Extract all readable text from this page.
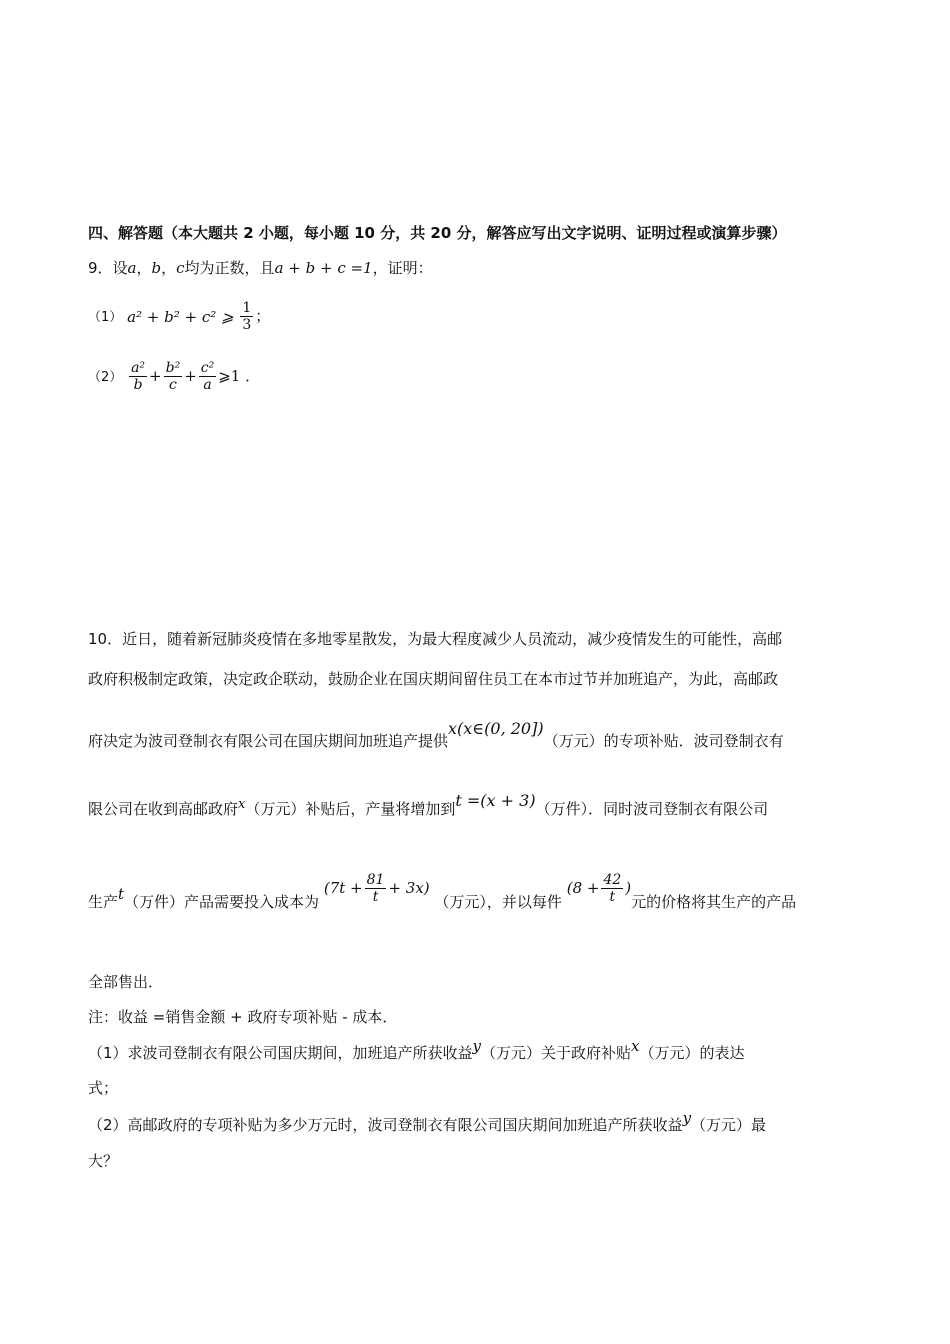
四、解答题（本大题共 2 小题，每小题 10 分，共 20 分，解答应写出文字说明、证明过程或演算步骤）
9．设a，b，c均为正数，且a + b + c =1，证明：
（1） a² + b² + c² ⩾ $\frac{1}{3}$ ；
$(2) \frac{\text{a²}}{b} + \frac{\text{b²}}{c} + \frac{\text{c²}}{a}$ ⩾1 ．
10．近日，随着新冠肺炎疫情在多地零星散发，为最大程度减少人员流动，减少疫情发生的可能性，高邮
政府积极制定政策，决定政企联动，鼓励企业在国庆期间留住员工在本市过节并加班追产，为此，高邮政
府决定为波司登制衣有限公司在国庆期间加班追产提供x(x∈(0, 20])（万元）的专项补贴．波司登制衣有
限公司在收到高邮政府x（万元）补贴后，产量将增加到t =(x + 3)（万件）．同时波司登制衣有限公司
生产t（万件）产品需要投入成本为 $(7t + \frac{81}{t} + 3x)$ （万元），并以每件 ($8 + \frac{42}{t}$ )元的价格将其生产的产品
全部售出．
注：收益 =销售金额 + 政府专项补贴 - 成本．
（1）求波司登制衣有限公司国庆期间，加班追产所获收益y（万元）关于政府补贴x（万元）的表达
式；
（2）高邮政府的专项补贴为多少万元时，波司登制衣有限公司国庆期间加班追产所获收益y（万元）最
大？
